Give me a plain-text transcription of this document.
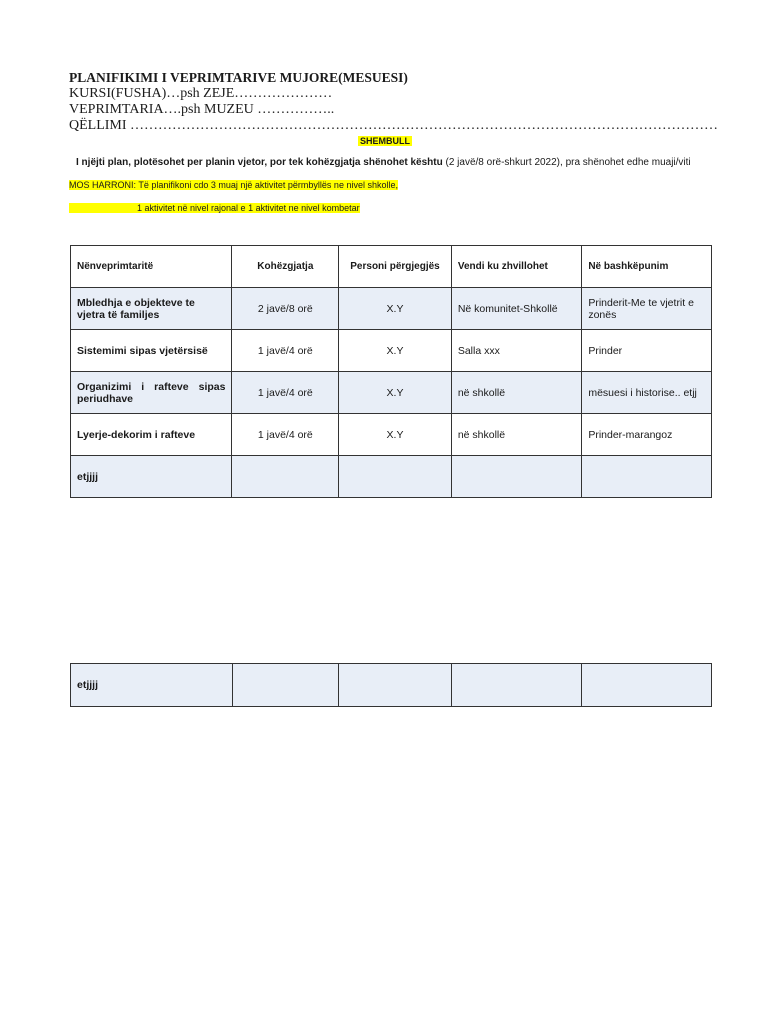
PLANIFIKIMI I VEPRIMTARIVE MUJORE(MESUESI)
KURSI(FUSHA)…psh ZEJE…………………
VEPRIMTARIA….psh MUZEU ……………..
QËLLIMI ………………………………………………………………………………………………………………
SHEMBULL
I njëjti plan, plotësohet per planin vjetor, por tek kohëzgjatja shënohet kështu (2 javë/8 orë-shkurt 2022), pra shënohet edhe muaji/viti
MOS HARRONI: Të planifikoni cdo 3 muaj një aktivitet përmbyllës ne nivel shkolle,
1 aktivitet në nivel rajonal e 1 aktivitet ne nivel kombetar
Nënveprimtaritë	Kohëzgjatja	Personi përgjegjës	Vendi ku zhvillohet	Në bashkëpunim
Mbledhja e objekteve te vjetra të familjes	2 javë/8 orë	X.Y	Në komunitet-Shkollë	Prinderit-Me te vjetrit e zonës
Sistemimi sipas vjetërsisë	1 javë/4 orë	X.Y	Salla xxx	Prinder
Organizimi i rafteve sipas periudhave	1 javë/4 orë	X.Y	në shkollë	mësuesi i historise.. etjj
Lyerje-dekorim i rafteve	1 javë/4 orë	X.Y	në shkollë	Prinder-marangoz
etjjjj				
etjjjj				
